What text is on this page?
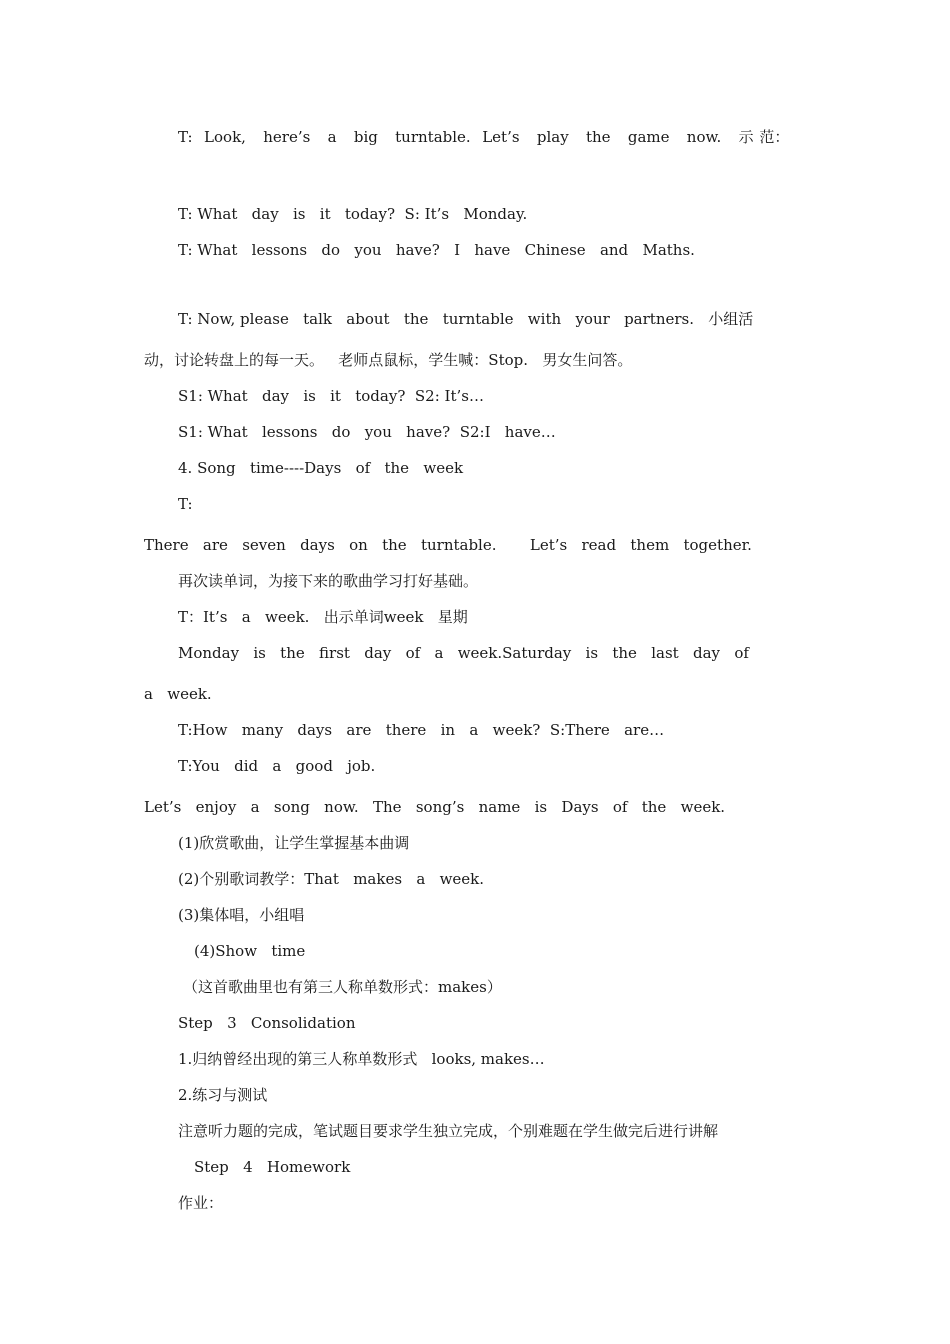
T:  Look,   here’s   a   big   turntable.  Let’s   play   the   game   now.   示 范：

T: What   day   is   it   today?  S: It’s   Monday.

T: What   lessons   do   you   have?   I   have   Chinese   and   Maths.

T: Now, please   talk   about   the   turntable   with   your   partners.   小组活

动，讨论转盘上的每一天。   老师点鼠标，学生喊：Stop.   男女生问答。

S1: What   day   is   it   today?  S2: It’s…

S1: What   lessons   do   you   have?  S2:I   have…

4. Song   time----Days   of   the   week

T:

There   are   seven   days   on   the   turntable.       Let’s   read   them   together.

再次读单词，为接下来的歌曲学习打好基础。

T：It’s   a   week.   出示单词week   星期

Monday   is   the   first   day   of   a   week.Saturday   is   the   last   day   of

a   week.

T:How   many   days   are   there   in   a   week?  S:There   are…

T:You   did   a   good   job.

Let’s   enjoy   a   song   now.   The   song’s   name   is   Days   of   the   week.

(1)欣赏歌曲，让学生掌握基本曲调

(2)个别歌词教学：That   makes   a   week.

(3)集体唱，小组唱

(4)Show   time

（这首歌曲里也有第三人称单数形式：makes）

Step   3   Consolidation

1.归纳曾经出现的第三人称单数形式   looks, makes…

2.练习与测试

注意听力题的完成，笔试题目要求学生独立完成，个别难题在学生做完后进行讲解

Step   4   Homework

作业：
